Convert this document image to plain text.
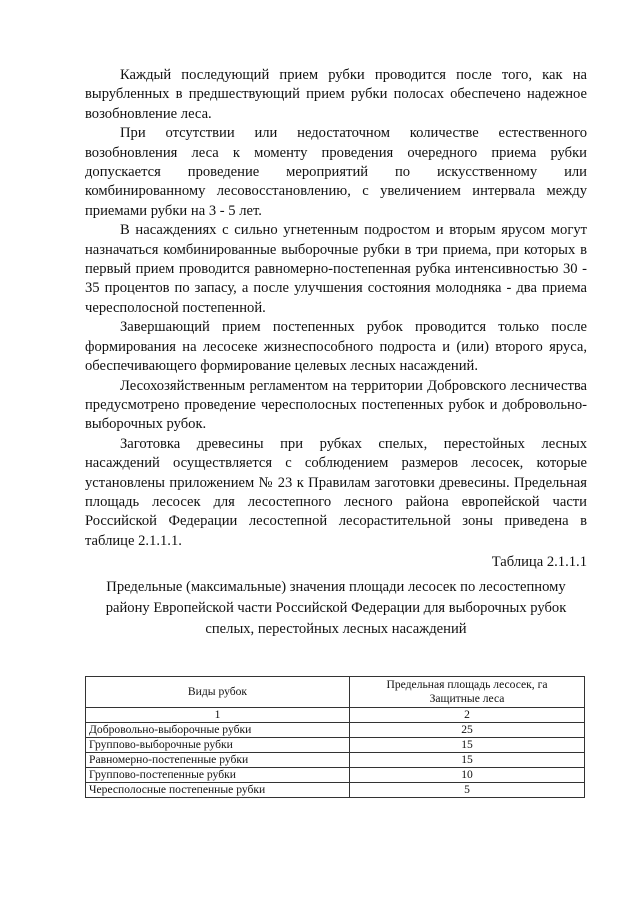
Каждый последующий прием рубки проводится после того, как на вырубленных в предшествующий прием рубки полосах обеспечено надежное возобновление леса.

При отсутствии или недостаточном количестве естественного возобновления леса к моменту проведения очередного приема рубки допускается проведение мероприятий по искусственному или комбинированному лесовосстановлению, с увеличением интервала между приемами рубки на 3 - 5 лет.

В насаждениях с сильно угнетенным подростом и вторым ярусом могут назначаться комбинированные выборочные рубки в три приема, при которых в первый прием проводится равномерно-постепенная рубка интенсивностью 30 - 35 процентов по запасу, а после улучшения состояния молодняка - два приема чересполосной постепенной.

Завершающий прием постепенных рубок проводится только после формирования на лесосеке жизнеспособного подроста и (или) второго яруса, обеспечивающего формирование целевых лесных насаждений.

Лесохозяйственным регламентом на территории Добровского лесничества предусмотрено проведение чересполосных постепенных рубок и добровольно-выборочных рубок.

Заготовка древесины при рубках спелых, перестойных лесных насаждений осуществляется с соблюдением размеров лесосек, которые установлены приложением № 23 к Правилам заготовки древесины. Предельная площадь лесосек для лесостепного лесного района европейской части Российской Федерации лесостепной лесорастительной зоны приведена в таблице 2.1.1.1.

Таблица 2.1.1.1

Предельные (максимальные) значения площади лесосек по лесостепному району Европейской части Российской Федерации для выборочных рубок спелых, перестойных лесных насаждений

Виды рубок	Предельная площадь лесосек, га
Защитные леса

1	2
Добровольно-выборочные рубки	25
Группово-выборочные рубки	15
Равномерно-постепенные рубки	15
Группово-постепенные рубки	10
Чересполосные постепенные рубки	5
